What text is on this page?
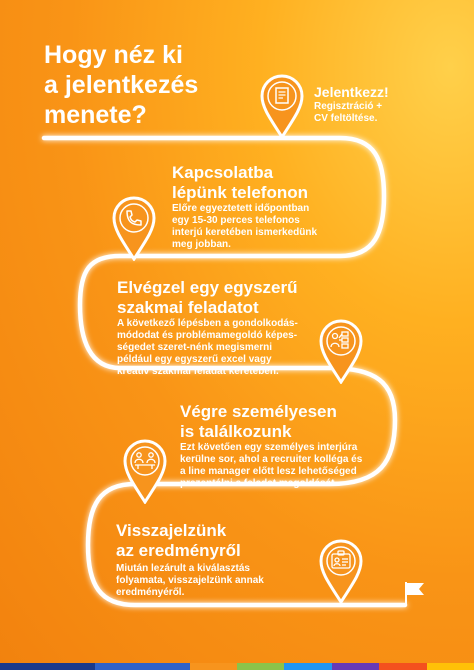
Hogy néz ki
a jelentkezés
menete?
Jelentkezz!
Regisztráció +
CV feltöltése.
Kapcsolatba
lépünk telefonon
Előre egyeztetett időpontban
egy 15-30 perces telefonos
interjú keretében ismerkedünk
meg jobban.
Elvégzel egy egyszerű
szakmai feladatot
A következő lépésben a gondolkodás-
módodat és problémamegoldó képes-
ségedet szeret-nénk megismerni
például egy egyszerű excel vagy
kreatív szakmai feladat keretében.
Végre személyesen
is találkozunk
Ezt követően egy személyes interjúra
kerülne sor, ahol a recruiter kolléga és
a line manager előtt lesz lehetőséged
prezentálni a feladat megoldását.
Visszajelzünk
az eredményről
Miután lezárult a kiválasztás
folyamata, visszajelzünk annak
eredményéről.
